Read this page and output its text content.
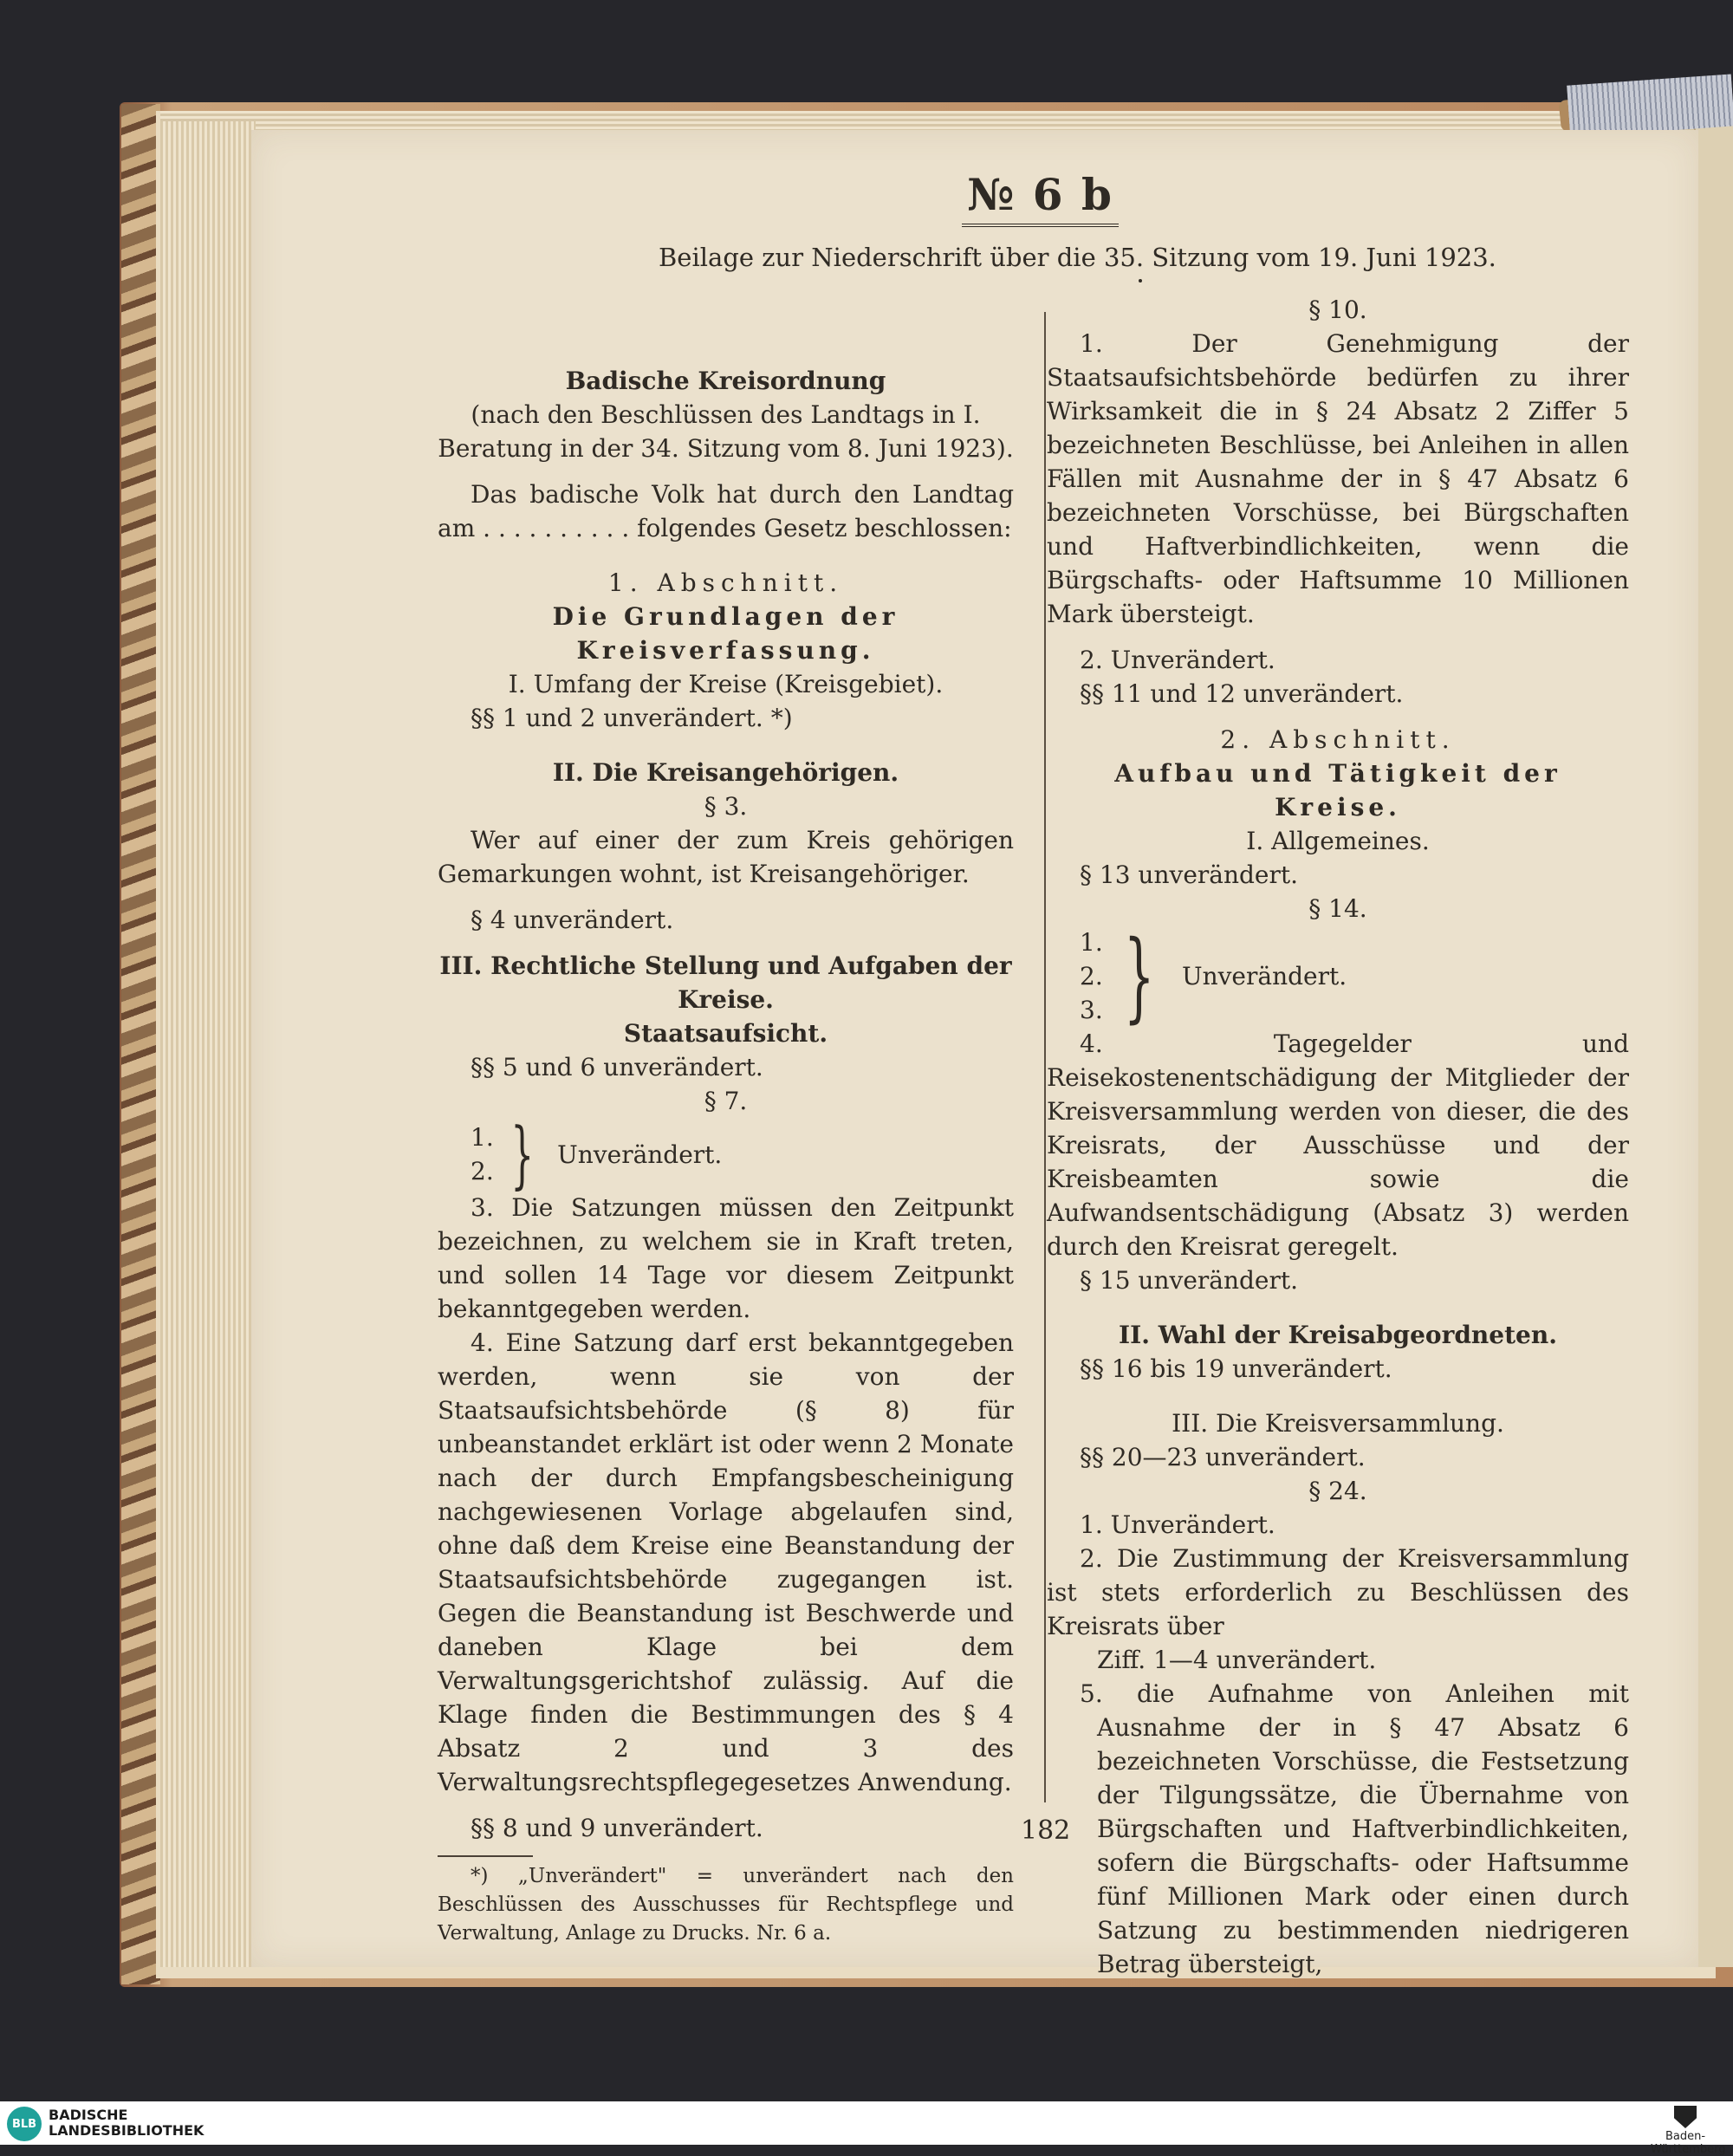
№ 6 b
Beilage zur Niederschrift über die 35. Sitzung vom 19. Juni 1923.

Badische Kreisordnung

(nach den Beschlüssen des Landtags in I. Beratung in der 34. Sitzung vom 8. Juni 1923).

Das badische Volk hat durch den Landtag am . . . . . . . . . . folgendes Gesetz beschlossen:

1. Abschnitt.

Die Grundlagen der Kreisverfassung.

I. Umfang der Kreise (Kreisgebiet).

§§ 1 und 2 unverändert. *)

II. Die Kreisangehörigen.

§ 3.

Wer auf einer der zum Kreis gehörigen Gemarkungen wohnt, ist Kreisangehöriger.

§ 4 unverändert.

III. Rechtliche Stellung und Aufgaben der Kreise.

Staatsaufsicht.

§§ 5 und 6 unverändert.

§ 7.

1.
2. } Unverändert.

3. Die Satzungen müssen den Zeitpunkt bezeichnen, zu welchem sie in Kraft treten, und sollen 14 Tage vor diesem Zeitpunkt bekanntgegeben werden.

4. Eine Satzung darf erst bekanntgegeben werden, wenn sie von der Staatsaufsichtsbehörde (§ 8) für unbeanstandet erklärt ist oder wenn 2 Monate nach der durch Empfangsbescheinigung nachgewiesenen Vorlage abgelaufen sind, ohne daß dem Kreise eine Beanstandung der Staatsaufsichtsbehörde zugegangen ist. Gegen die Beanstandung ist Beschwerde und daneben Klage bei dem Verwaltungsgerichtshof zulässig. Auf die Klage finden die Bestimmungen des § 4 Absatz 2 und 3 des Verwaltungsrechtspflegegesetzes Anwendung.

§§ 8 und 9 unverändert.

*) „Unverändert" = unverändert nach den Beschlüssen des Ausschusses für Rechtspflege und Verwaltung, Anlage zu Drucks. Nr. 6 a.

§ 10.

1. Der Genehmigung der Staatsaufsichtsbehörde bedürfen zu ihrer Wirksamkeit die in § 24 Absatz 2 Ziffer 5 bezeichneten Beschlüsse, bei Anleihen in allen Fällen mit Ausnahme der in § 47 Absatz 6 bezeichneten Vorschüsse, bei Bürgschaften und Haftverbindlichkeiten, wenn die Bürgschafts- oder Haftsumme 10 Millionen Mark übersteigt.

2. Unverändert.

§§ 11 und 12 unverändert.

2. Abschnitt.

Aufbau und Tätigkeit der Kreise.

I. Allgemeines.

§ 13 unverändert.

§ 14.

1.
2.
3. } Unverändert.

4. Tagegelder und Reisekostenentschädigung der Mitglieder der Kreisversammlung werden von dieser, die des Kreisrats, der Ausschüsse und der Kreisbeamten sowie die Aufwandsentschädigung (Absatz 3) werden durch den Kreisrat geregelt.

§ 15 unverändert.

II. Wahl der Kreisabgeordneten.

§§ 16 bis 19 unverändert.

III. Die Kreisversammlung.

§§ 20—23 unverändert.

§ 24.

1. Unverändert.

2. Die Zustimmung der Kreisversammlung ist stets erforderlich zu Beschlüssen des Kreisrats über

Ziff. 1—4 unverändert.

5. die Aufnahme von Anleihen mit Ausnahme der in § 47 Absatz 6 bezeichneten Vorschüsse, die Festsetzung der Tilgungssätze, die Übernahme von Bürgschaften und Haftverbindlichkeiten, sofern die Bürgschafts- oder Haftsumme fünf Millionen Mark oder einen durch Satzung zu bestimmenden niedrigeren Betrag übersteigt,

182
BLB
BADISCHE
LANDESBIBLIOTHEK	Baden-Württemberg
